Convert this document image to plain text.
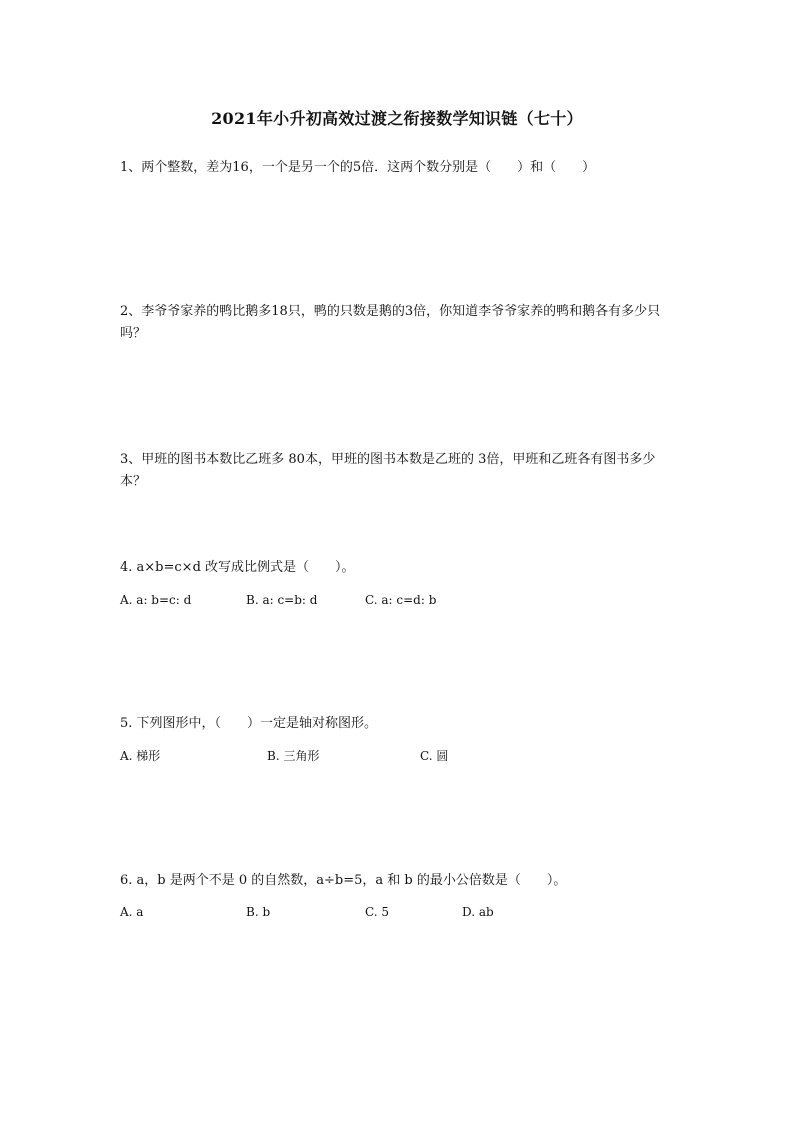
2021年小升初高效过渡之衔接数学知识链（七十）
1、两个整数，差为16，一个是另一个的5倍．这两个数分别是（　　）和（　　）
2、李爷爷家养的鸭比鹅多18只，鸭的只数是鹅的3倍，你知道李爷爷家养的鸭和鹅各有多少只吗？
3、甲班的图书本数比乙班多 80本，甲班的图书本数是乙班的 3倍，甲班和乙班各有图书多少本？
4. a×b=c×d 改写成比例式是（　　）。
A. a: b=c: d	B. a: c=b: d	C. a: c=d: b
5. 下列图形中，（　　）一定是轴对称图形。
A. 梯形	B. 三角形	C. 圆
6. a，b 是两个不是 0 的自然数，a÷b=5，a 和 b 的最小公倍数是（　　）。
A. a	B. b	C. 5	D. ab
